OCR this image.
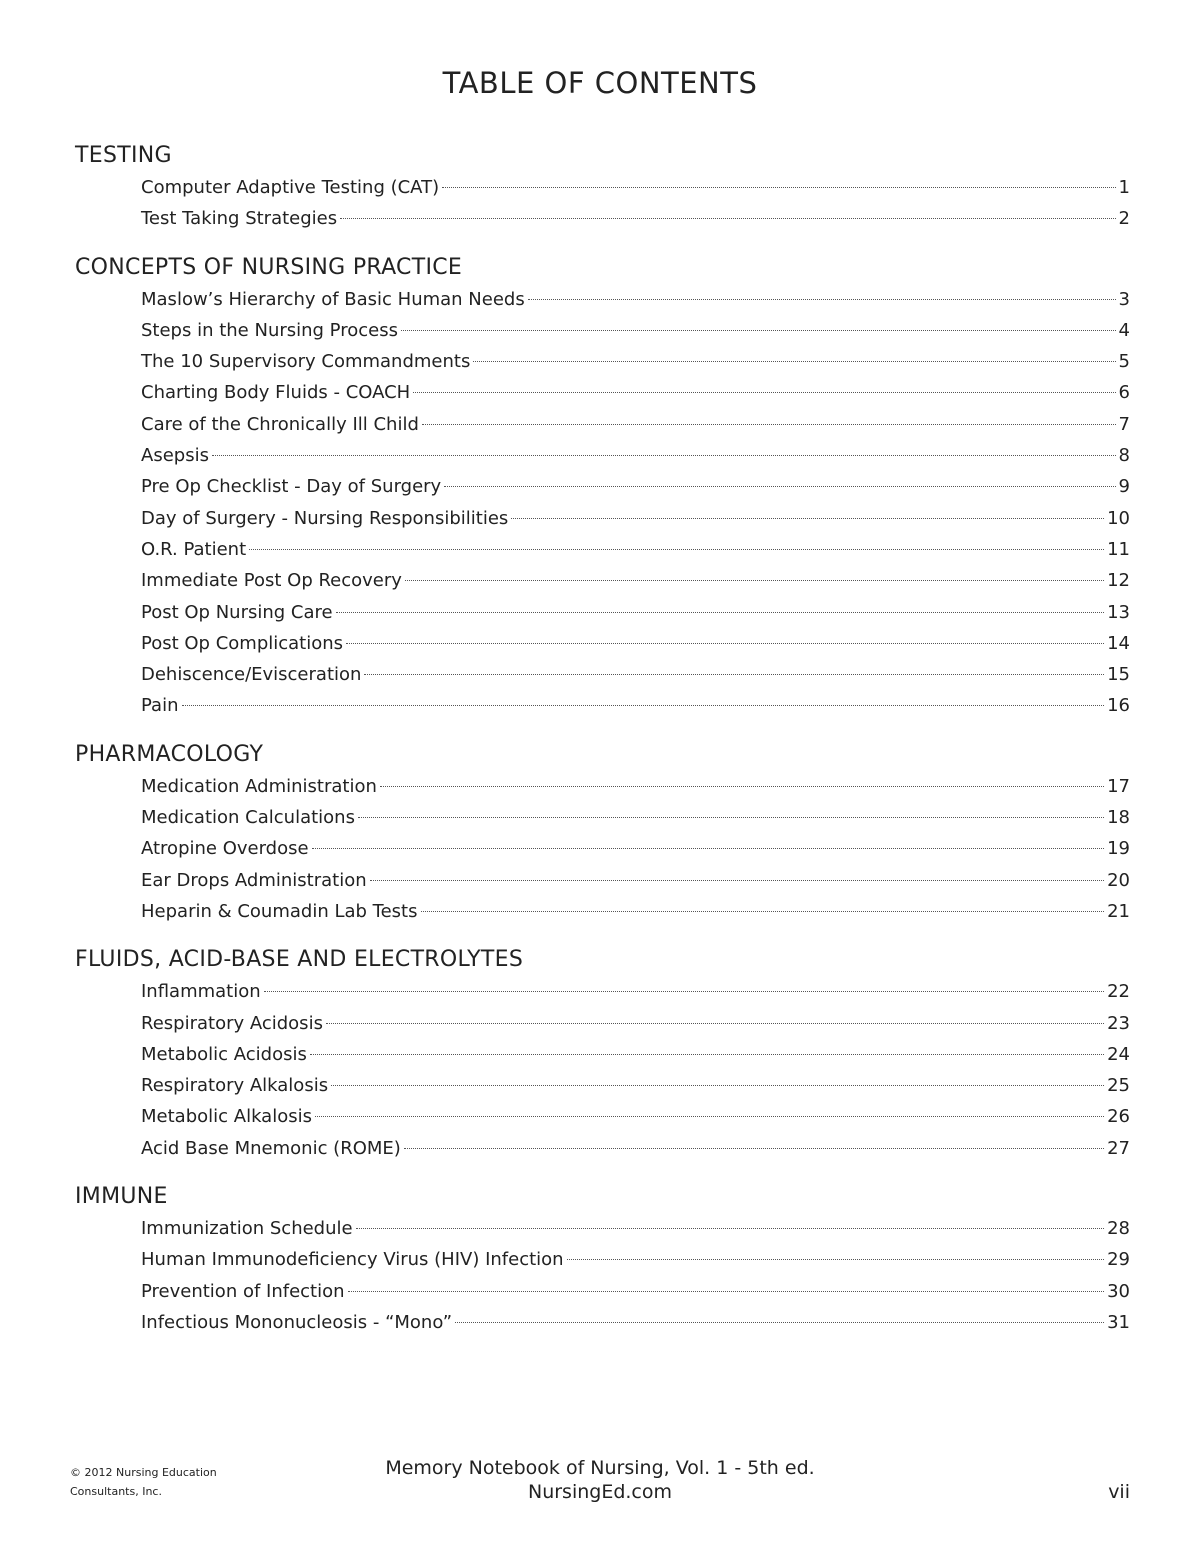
TABLE OF CONTENTS
TESTING
Computer Adaptive Testing (CAT)	1
Test Taking Strategies	2
CONCEPTS OF NURSING PRACTICE
Maslow’s Hierarchy of Basic Human Needs	3
Steps in the Nursing Process	4
The 10 Supervisory Commandments	5
Charting Body Fluids - COACH	6
Care of the Chronically Ill Child	7
Asepsis	8
Pre Op Checklist - Day of Surgery	9
Day of Surgery - Nursing Responsibilities	10
O.R. Patient	11
Immediate Post Op Recovery	12
Post Op Nursing Care	13
Post Op Complications	14
Dehiscence/Evisceration	15
Pain	16
PHARMACOLOGY
Medication Administration	17
Medication Calculations	18
Atropine Overdose	19
Ear Drops Administration	20
Heparin & Coumadin Lab Tests	21
FLUIDS, ACID-BASE AND ELECTROLYTES
Inflammation	22
Respiratory Acidosis	23
Metabolic Acidosis	24
Respiratory Alkalosis	25
Metabolic Alkalosis	26
Acid Base Mnemonic (ROME)	27
IMMUNE
Immunization Schedule	28
Human Immunodeficiency Virus (HIV) Infection	29
Prevention of Infection	30
Infectious Mononucleosis - “Mono”	31
© 2012 Nursing Education
Consultants, Inc.
Memory Notebook of Nursing, Vol. 1 - 5th ed.
NursingEd.com	vii
